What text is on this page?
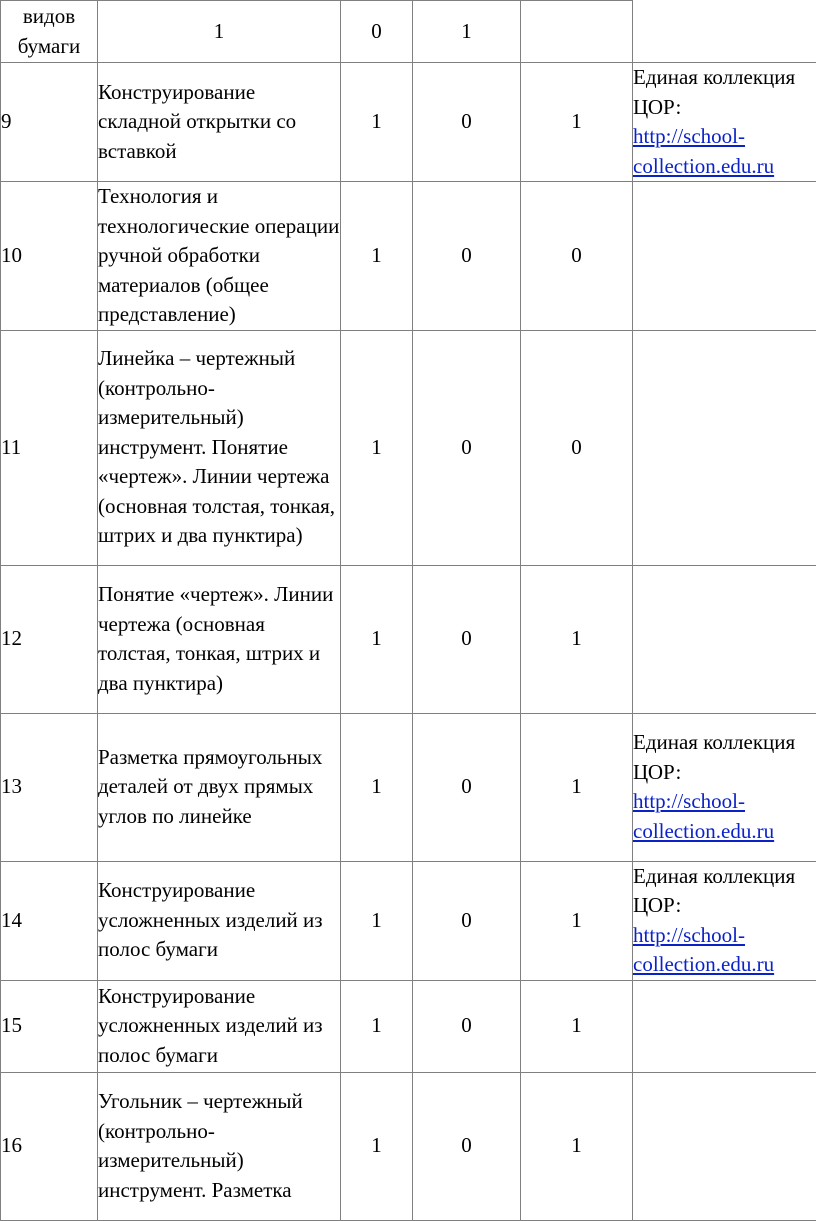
видов бумаги	1	0	1		
9	Конструирование складной открытки со вставкой	1	0	1	Единая коллекция ЦОР:
http://school-collection.edu.ru
10	Технология и технологические операции ручной обработки материалов (общее представление)	1	0	0	
11	Линейка – чертежный (контрольно-измерительный) инструмент. Понятие «чертеж». Линии чертежа (основная толстая, тонкая, штрих и два пунктира)	1	0	0	
12	Понятие «чертеж». Линии чертежа (основная толстая, тонкая, штрих и два пунктира)	1	0	1	
13	Разметка прямоугольных деталей от двух прямых углов по линейке	1	0	1	Единая коллекция ЦОР:
http://school-collection.edu.ru
14	Конструирование усложненных изделий из полос бумаги	1	0	1	Единая коллекция ЦОР:
http://school-collection.edu.ru
15	Конструирование усложненных изделий из полос бумаги	1	0	1	
16	Угольник – чертежный (контрольно-измерительный) инструмент. Разметка	1	0	1	
